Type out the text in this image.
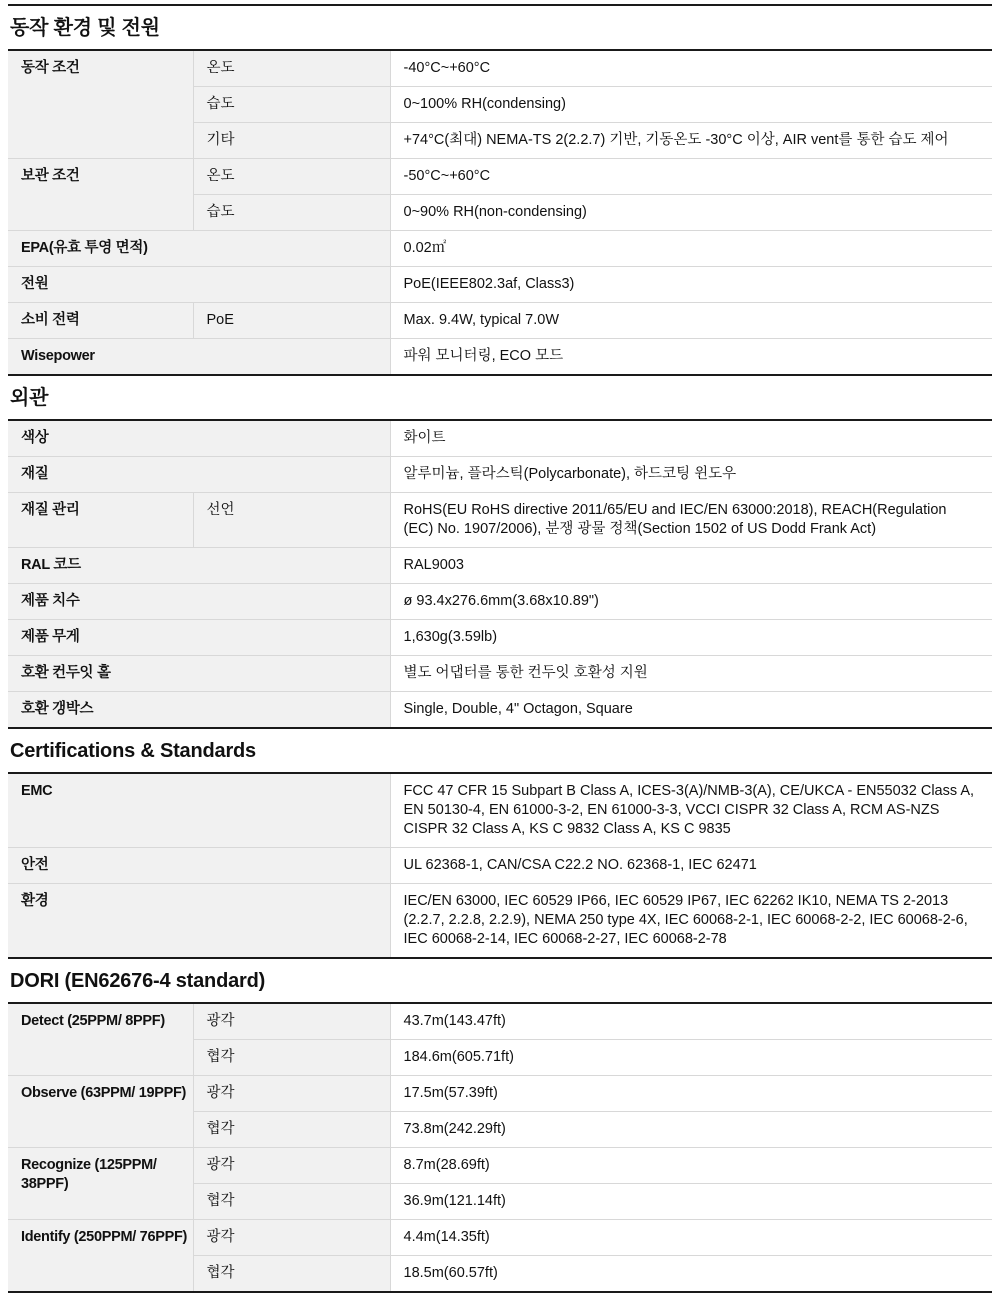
동작 환경 및 전원
동작 조건	온도	-40°C~+60°C
	습도	0~100% RH(condensing)
	기타	+74°C(최대) NEMA-TS 2(2.2.7) 기반, 기동온도 -30°C 이상, AIR vent를 통한 습도 제어
보관 조건	온도	-50°C~+60°C
	습도	0~90% RH(non-condensing)
EPA(유효 투영 면적)		0.02㎡
전원		PoE(IEEE802.3af, Class3)
소비 전력	PoE	Max. 9.4W, typical 7.0W
Wisepower		파워 모니터링, ECO 모드
외관
색상		화이트
재질		알루미늄, 플라스틱(Polycarbonate), 하드코팅 윈도우
재질 관리	선언	RoHS(EU RoHS directive 2011/65/EU and IEC/EN 63000:2018), REACH(Regulation (EC) No. 1907/2006), 분쟁 광물 정책(Section 1502 of US Dodd Frank Act)
RAL 코드		RAL9003
제품 치수		ø 93.4x276.6mm(3.68x10.89")
제품 무게		1,630g(3.59lb)
호환 컨두잇 홀		별도 어댑터를 통한 컨두잇 호환성 지원
호환 갱박스		Single, Double, 4" Octagon, Square
Certifications & Standards
EMC	FCC 47 CFR 15 Subpart B Class A, ICES-3(A)/NMB-3(A), CE/UKCA - EN55032 Class A, EN 50130-4, EN 61000-3-2, EN 61000-3-3, VCCI CISPR 32 Class A, RCM AS-NZS CISPR 32 Class A, KS C 9832 Class A, KS C 9835
안전	UL 62368-1, CAN/CSA C22.2 NO. 62368-1, IEC 62471
환경	IEC/EN 63000, IEC 60529 IP66, IEC 60529 IP67, IEC 62262 IK10, NEMA TS 2-2013 (2.2.7, 2.2.8, 2.2.9), NEMA 250 type 4X, IEC 60068-2-1, IEC 60068-2-2, IEC 60068-2-6, IEC 60068-2-14, IEC 60068-2-27, IEC 60068-2-78
DORI (EN62676-4 standard)
Detect (25PPM/ 8PPF)	광각	43.7m(143.47ft)
	협각	184.6m(605.71ft)
Observe (63PPM/ 19PPF)	광각	17.5m(57.39ft)
	협각	73.8m(242.29ft)
Recognize (125PPM/ 38PPF)	광각	8.7m(28.69ft)
	협각	36.9m(121.14ft)
Identify (250PPM/ 76PPF)	광각	4.4m(14.35ft)
	협각	18.5m(60.57ft)
